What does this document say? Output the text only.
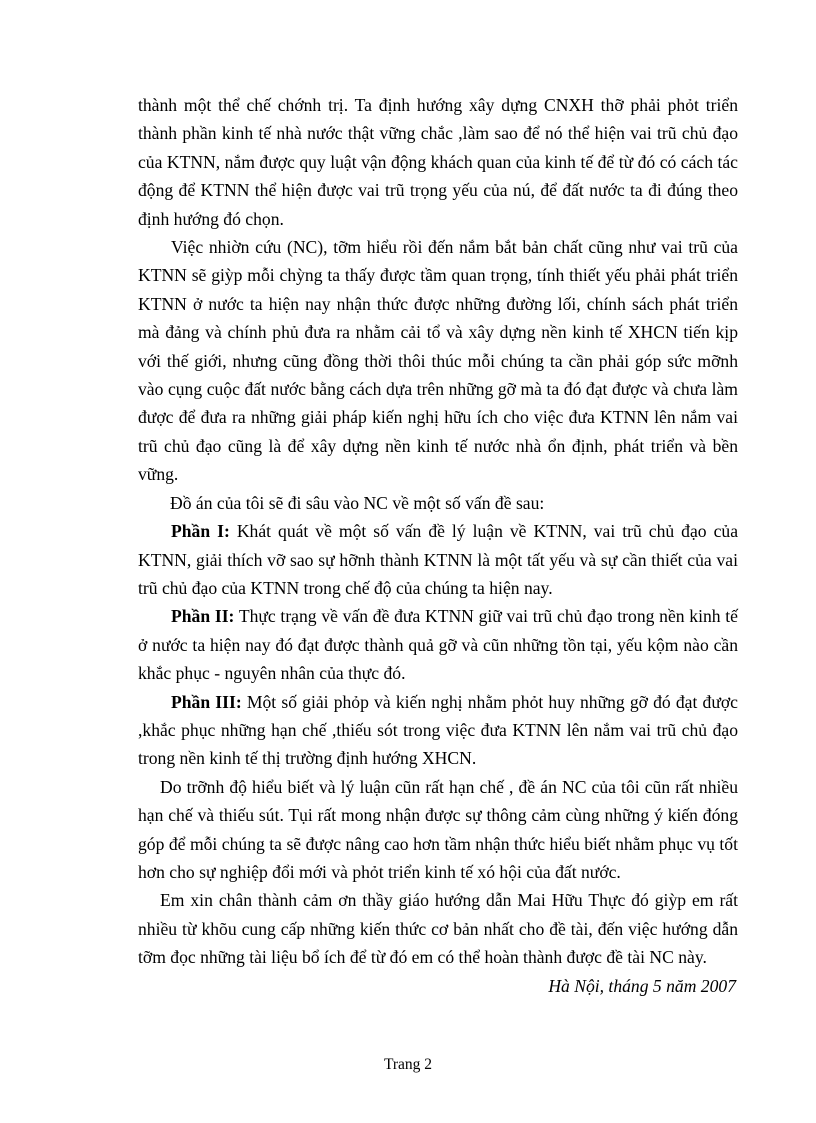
thành một thể chế chớnh trị. Ta định hướng xây dựng CNXH thỡ phải phỏt triển thành phần kinh tế nhà nước thật vững chắc ,làm sao để nó thể hiện vai trũ chủ đạo của KTNN, nắm được quy luật vận động khách quan của kinh tế để từ đó có cách tác động để KTNN thể hiện được vai trũ trọng yếu của nú, để đất nước ta đi đúng theo định hướng đó chọn.

Việc nhiờn cứu (NC), tỡm hiểu rồi đến nắm bắt bản chất cũng như vai trũ của KTNN sẽ giỳp mỗi chỳng ta thấy được tầm quan trọng, tính thiết yếu phải phát triển KTNN ở nước ta hiện nay nhận thức được những đường lối, chính sách phát triển mà đảng và chính phủ đưa ra nhằm cải tổ và xây dựng nền kinh tế XHCN tiến kịp với thế giới, nhưng cũng đồng thời thôi thúc mỗi chúng ta cần phải góp sức mỡnh vào cụng cuộc đất nước bằng cách dựa trên những gỡ mà ta đó đạt được và chưa làm được để đưa ra những giải pháp kiến nghị hữu ích cho việc đưa KTNN lên nắm vai trũ chủ đạo cũng là để xây dựng nền kinh tế nước nhà ổn định, phát triển và bền vững.

Đồ án của tôi sẽ đi sâu vào NC về một số vấn đề sau:

Phần I: Khát quát về một số vấn đề lý luận về KTNN, vai trũ chủ đạo của KTNN, giải thích vỡ sao sự hỡnh thành KTNN là một tất yếu và sự cần thiết của vai trũ chủ đạo của KTNN trong chế độ của chúng ta hiện nay.

Phần II: Thực trạng về vấn đề đưa KTNN giữ vai trũ chủ đạo trong nền kinh tế ở nước ta hiện nay đó đạt được thành quả gỡ và cũn những tồn tại, yếu kộm nào cần khắc phục - nguyên nhân của thực đó.

Phần III: Một số giải phỏp và kiến nghị nhằm phỏt huy những gỡ đó đạt được ,khắc phục những hạn chế ,thiếu sót trong việc đưa KTNN lên nắm vai trũ chủ đạo trong nền kinh tế thị trường định hướng XHCN.

Do trỡnh độ hiểu biết và lý luận cũn rất hạn chế , đề án NC của tôi cũn rất nhiều hạn chế và thiếu sút. Tụi rất mong nhận được sự thông cảm cùng những ý kiến đóng góp để mỗi chúng ta sẽ được nâng cao hơn tầm nhận thức hiểu biết nhằm phục vụ tốt hơn cho sự nghiệp đổi mới và phỏt triển kinh tế xó hội của đất nước.

Em xin chân thành cảm ơn thầy giáo hướng dẫn Mai Hữu Thực đó giỳp em rất nhiều từ khõu cung cấp những kiến thức cơ bản nhất cho đề tài, đến việc hướng dẫn tỡm đọc những tài liệu bổ ích để từ đó em có thể hoàn thành được đề tài NC này.

Hà Nội, tháng 5 năm 2007

Trang 2
